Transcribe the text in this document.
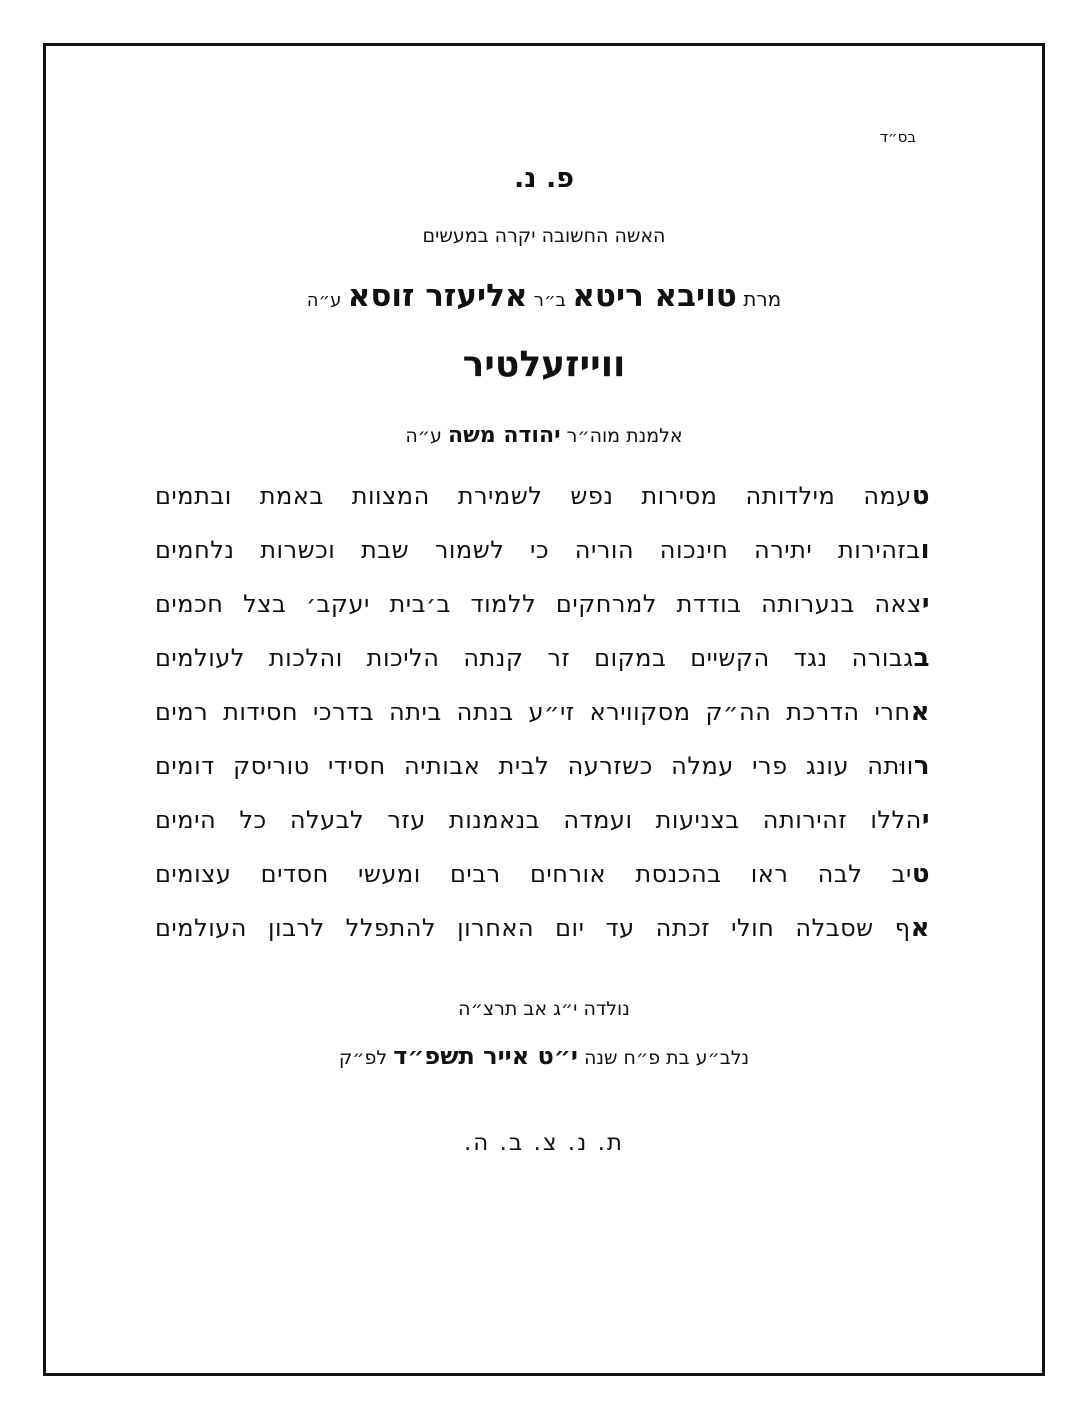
בס״ד
פ. נ.
האשה החשובה יקרה במעשים
מרת טויבא ריטא ב״ר אליעזר זוסא ע״ה
ווייזעלטיר
אלמנת מוה״ר יהודה משה ע״ה
טעמה מילדותה מסירות נפש לשמירת המצוות באמת ובתמים
ובזהירות יתירה חינכוה הוריה כי לשמור שבת וכשרות נלחמים
יצאה בנערותה בודדת למרחקים ללמוד ב׳בית יעקב׳ בצל חכמים
בגבורה נגד הקשיים במקום זר קנתה הליכות והלכות לעולמים
אחרי הדרכת הה״ק מסקווירא זי״ע בנתה ביתה בדרכי חסידות רמים
רווּתה עונג פרי עמלה כשזרעה לבית אבותיה חסידי טוריסק דומים
יהללו זהירותה בצניעות ועמדה בנאמנות עזר לבעלה כל הימים
טיב לבה ראו בהכנסת אורחים רבים ומעשי חסדים עצומים
אף שסבלה חולי זכתה עד יום האחרון להתפלל לרבון העולמים
נולדה י״ג אב תרצ״ה
נלב״ע בת פ״ח שנה י״ט אייר תשפ״ד לפ״ק
ת. נ. צ. ב. ה.
